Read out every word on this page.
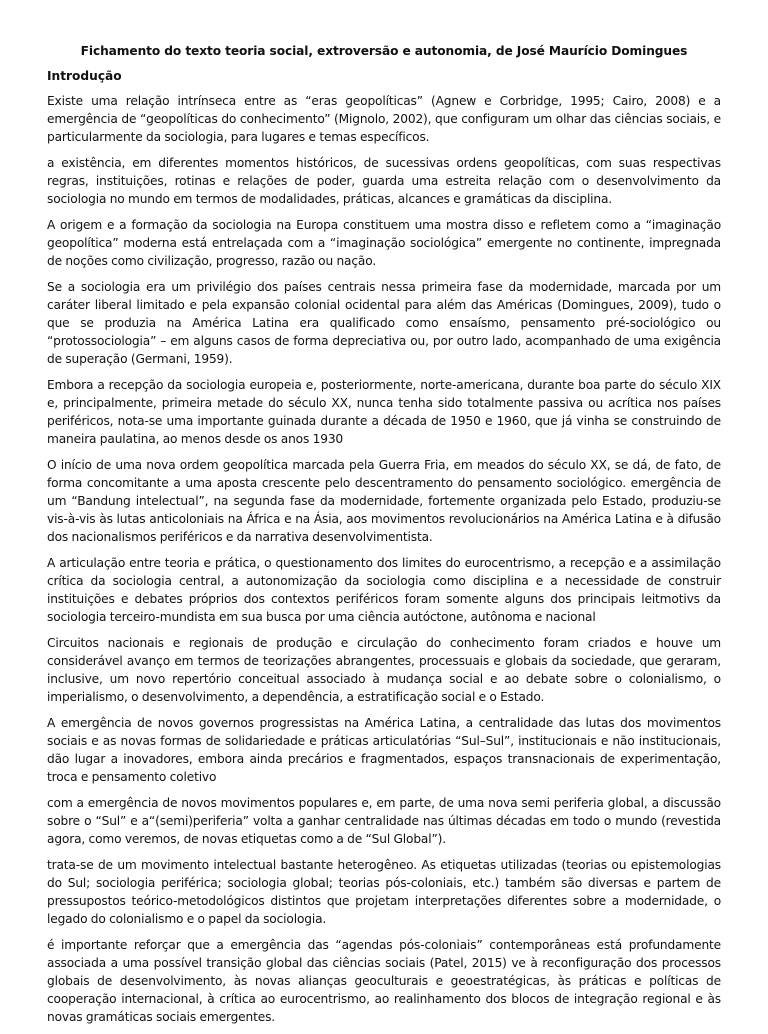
Fichamento do texto teoria social, extroversão e autonomia, de José Maurício Domingues
Introdução

Existe uma relação intrínseca entre as “eras geopolíticas” (Agnew e Corbridge, 1995; Cairo, 2008) e a emergência de “geopolíticas do conhecimento” (Mignolo, 2002), que configuram um olhar das ciências sociais, e particularmente da sociologia, para lugares e temas específicos.

a existência, em diferentes momentos históricos, de sucessivas ordens geopolíticas, com suas respectivas regras, instituições, rotinas e relações de poder, guarda uma estreita relação com o desenvolvimento da sociologia no mundo em termos de modalidades, práticas, alcances e gramáticas da disciplina.

A origem e a formação da sociologia na Europa constituem uma mostra disso e refletem como a “imaginação geopolítica” moderna está entrelaçada com a “imaginação sociológica” emergente no continente, impregnada de noções como civilização, progresso, razão ou nação.

Se a sociologia era um privilégio dos países centrais nessa primeira fase da modernidade, marcada por um caráter liberal limitado e pela expansão colonial ocidental para além das Américas (Domingues, 2009), tudo o que se produzia na América Latina era qualificado como ensaísmo, pensamento pré-sociológico ou “protossociologia” – em alguns casos de forma depreciativa ou, por outro lado, acompanhado de uma exigência de superação (Germani, 1959).

Embora a recepção da sociologia europeia e, posteriormente, norte-americana, durante boa parte do século XIX e, principalmente, primeira metade do século XX, nunca tenha sido totalmente passiva ou acrítica nos países periféricos, nota-se uma importante guinada durante a década de 1950 e 1960, que já vinha se construindo de maneira paulatina, ao menos desde os anos 1930

O início de uma nova ordem geopolítica marcada pela Guerra Fria, em meados do século XX, se dá, de fato, de forma concomitante a uma aposta crescente pelo descentramento do pensamento sociológico. emergência de um “Bandung intelectual”, na segunda fase da modernidade, fortemente organizada pelo Estado, produziu-se vis-à-vis às lutas anticoloniais na África e na Ásia, aos movimentos revolucionários na América Latina e à difusão dos nacionalismos periféricos e da narrativa desenvolvimentista.

A articulação entre teoria e prática, o questionamento dos limites do eurocentrismo, a recepção e a assimilação crítica da sociologia central, a autonomização da sociologia como disciplina e a necessidade de construir instituições e debates próprios dos contextos periféricos foram somente alguns dos principais leitmotivs da sociologia terceiro-mundista em sua busca por uma ciência autóctone, autônoma e nacional

Circuitos nacionais e regionais de produção e circulação do conhecimento foram criados e houve um considerável avanço em termos de teorizações abrangentes, processuais e globais da sociedade, que geraram, inclusive, um novo repertório conceitual associado à mudança social e ao debate sobre o colonialismo, o imperialismo, o desenvolvimento, a dependência, a estratificação social e o Estado.

A emergência de novos governos progressistas na América Latina, a centralidade das lutas dos movimentos sociais e as novas formas de solidariedade e práticas articulatórias “Sul–Sul”, institucionais e não institucionais, dão lugar a inovadores, embora ainda precários e fragmentados, espaços transnacionais de experimentação, troca e pensamento coletivo

com a emergência de novos movimentos populares e, em parte, de uma nova semi periferia global, a discussão sobre o “Sul” e a“(semi)periferia” volta a ganhar centralidade nas últimas décadas em todo o mundo (revestida agora, como veremos, de novas etiquetas como a de “Sul Global”).

trata-se de um movimento intelectual bastante heterogêneo. As etiquetas utilizadas (teorias ou epistemologias do Sul; sociologia periférica; sociologia global; teorias pós-coloniais, etc.) também são diversas e partem de pressupostos teórico-metodológicos distintos que projetam interpretações diferentes sobre a modernidade, o legado do colonialismo e o papel da sociologia.

é importante reforçar que a emergência das “agendas pós-coloniais” contemporâneas está profundamente associada a uma possível transição global das ciências sociais (Patel, 2015) ve à reconfiguração dos processos globais de desenvolvimento, às novas alianças geoculturais e geoestratégicas, às práticas e políticas de cooperação internacional, à crítica ao eurocentrismo, ao realinhamento dos blocos de integração regional e às novas gramáticas sociais emergentes.
